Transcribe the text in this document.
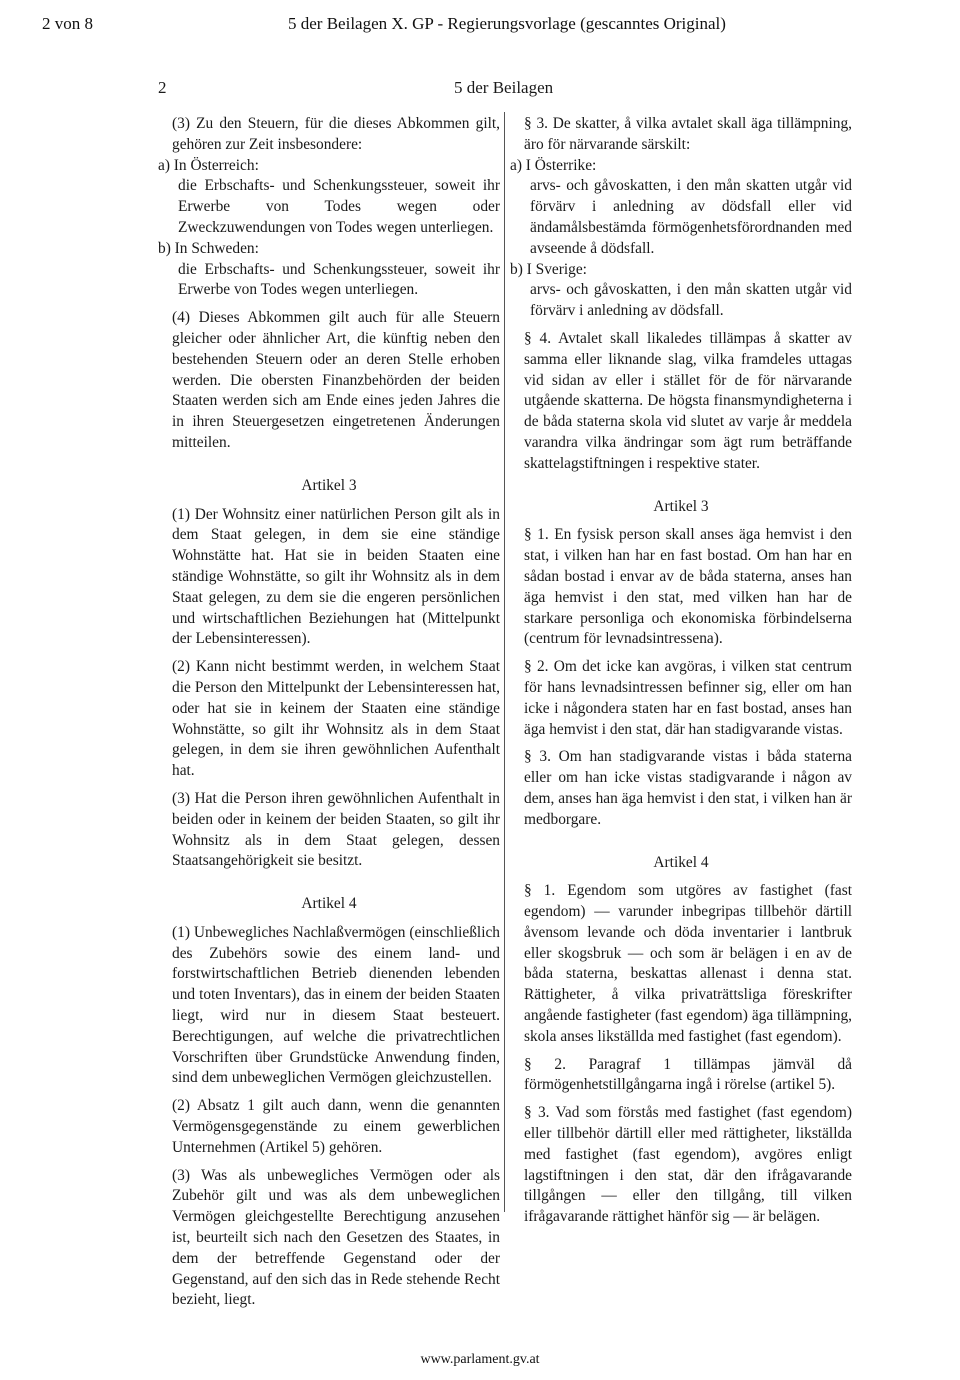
2 von 8	5 der Beilagen X. GP - Regierungsvorlage (gescanntes Original)
2	5 der Beilagen

(3) Zu den Steuern, für die dieses Abkommen gilt, gehören zur Zeit insbesondere:

a) In Österreich:

die Erbschafts- und Schenkungssteuer, soweit ihr Erwerbe von Todes wegen oder Zweckzuwendungen von Todes wegen unterliegen.

b) In Schweden:

die Erbschafts- und Schenkungssteuer, soweit ihr Erwerbe von Todes wegen unterliegen.

(4) Dieses Abkommen gilt auch für alle Steuern gleicher oder ähnlicher Art, die künftig neben den bestehenden Steuern oder an deren Stelle erhoben werden. Die obersten Finanzbehörden der beiden Staaten werden sich am Ende eines jeden Jahres die in ihren Steuergesetzen eingetretenen Änderungen mitteilen.

Artikel 3

(1) Der Wohnsitz einer natürlichen Person gilt als in dem Staat gelegen, in dem sie eine ständige Wohnstätte hat. Hat sie in beiden Staaten eine ständige Wohnstätte, so gilt ihr Wohnsitz als in dem Staat gelegen, zu dem sie die engeren persönlichen und wirtschaftlichen Beziehungen hat (Mittelpunkt der Lebensinteressen).

(2) Kann nicht bestimmt werden, in welchem Staat die Person den Mittelpunkt der Lebensinteressen hat, oder hat sie in keinem der Staaten eine ständige Wohnstätte, so gilt ihr Wohnsitz als in dem Staat gelegen, in dem sie ihren gewöhnlichen Aufenthalt hat.

(3) Hat die Person ihren gewöhnlichen Aufenthalt in beiden oder in keinem der beiden Staaten, so gilt ihr Wohnsitz als in dem Staat gelegen, dessen Staatsangehörigkeit sie besitzt.

Artikel 4

(1) Unbewegliches Nachlaßvermögen (einschließlich des Zubehörs sowie des einem land- und forstwirtschaftlichen Betrieb dienenden lebenden und toten Inventars), das in einem der beiden Staaten liegt, wird nur in diesem Staat besteuert. Berechtigungen, auf welche die privatrechtlichen Vorschriften über Grundstücke Anwendung finden, sind dem unbeweglichen Vermögen gleichzustellen.

(2) Absatz 1 gilt auch dann, wenn die genannten Vermögensgegenstände zu einem gewerblichen Unternehmen (Artikel 5) gehören.

(3) Was als unbewegliches Vermögen oder als Zubehör gilt und was als dem unbeweglichen Vermögen gleichgestellte Berechtigung anzusehen ist, beurteilt sich nach den Gesetzen des Staates, in dem der betreffende Gegenstand oder der Gegenstand, auf den sich das in Rede stehende Recht bezieht, liegt.

§ 3. De skatter, å vilka avtalet skall äga tillämpning, äro för närvarande särskilt:

a) I Österrike:

arvs- och gåvoskatten, i den mån skatten utgår vid förvärv i anledning av dödsfall eller vid ändamålsbestämda förmögenhetsförordnanden med avseende å dödsfall.

b) I Sverige:

arvs- och gåvoskatten, i den mån skatten utgår vid förvärv i anledning av dödsfall.

§ 4. Avtalet skall likaledes tillämpas å skatter av samma eller liknande slag, vilka framdeles uttagas vid sidan av eller i stället för de för närvarande utgående skatterna. De högsta finansmyndigheterna i de båda staterna skola vid slutet av varje år meddela varandra vilka ändringar som ägt rum beträffande skattelagstiftningen i respektive stater.

Artikel 3

§ 1. En fysisk person skall anses äga hemvist i den stat, i vilken han har en fast bostad. Om han har en sådan bostad i envar av de båda staterna, anses han äga hemvist i den stat, med vilken han har de starkare personliga och ekonomiska förbindelserna (centrum för levnadsintressena).

§ 2. Om det icke kan avgöras, i vilken stat centrum för hans levnadsintressen befinner sig, eller om han icke i någondera staten har en fast bostad, anses han äga hemvist i den stat, där han stadigvarande vistas.

§ 3. Om han stadigvarande vistas i båda staterna eller om han icke vistas stadigvarande i någon av dem, anses han äga hemvist i den stat, i vilken han är medborgare.

Artikel 4

§ 1. Egendom som utgöres av fastighet (fast egendom) — varunder inbegripas tillbehör därtill åvensom levande och döda inventarier i lantbruk eller skogsbruk — och som är belägen i en av de båda staterna, beskattas allenast i denna stat. Rättigheter, å vilka privaträttsliga föreskrifter angående fastigheter (fast egendom) äga tillämpning, skola anses likställda med fastighet (fast egendom).

§ 2. Paragraf 1 tillämpas jämväl då förmögenhetstillgångarna ingå i rörelse (artikel 5).

§ 3. Vad som förstås med fastighet (fast egendom) eller tillbehör därtill eller med rättigheter, likställda med fastighet (fast egendom), avgöres enligt lagstiftningen i den stat, där den ifrågavarande tillgången — eller den tillgång, till vilken ifrågavarande rättighet hänför sig — är belägen.

www.parlament.gv.at
